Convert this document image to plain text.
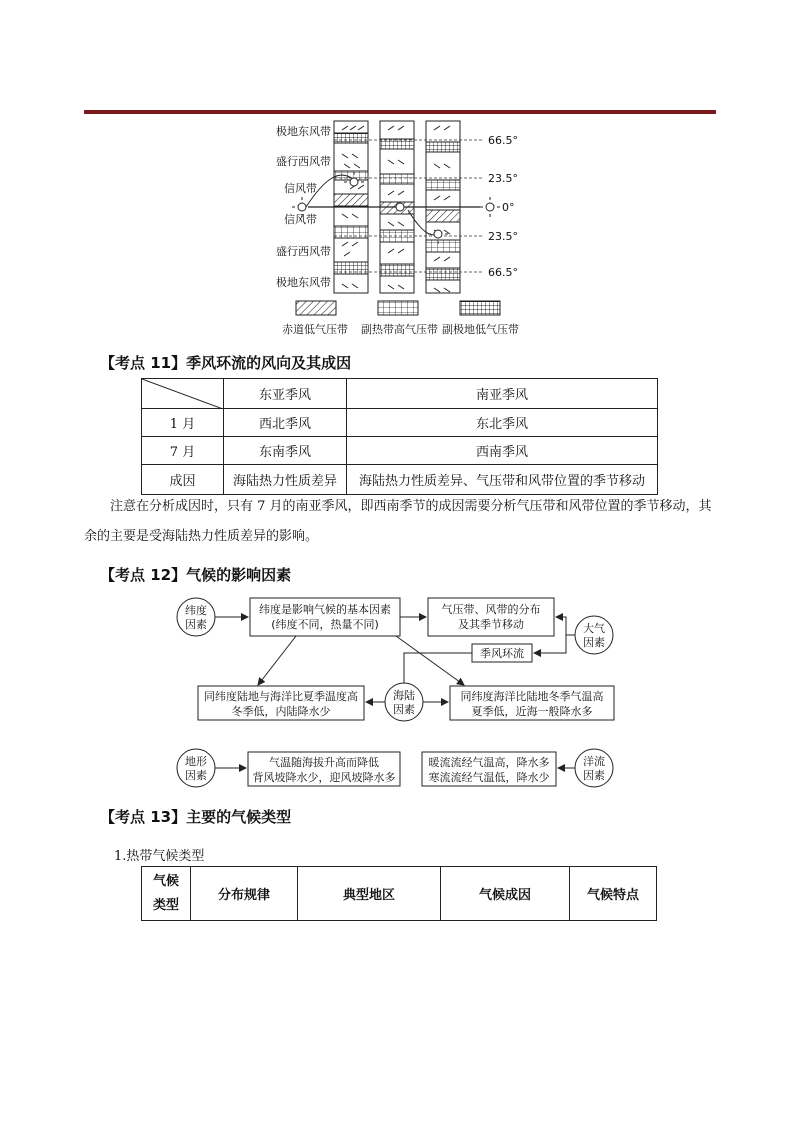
极地东风带
盛行西风带
信风带
信风带
盛行西风带
极地东风带
66.5°
23.5°
0°
23.5°
66.5°
赤道低气压带 副热带高气压带 副极地低气压带
【考点 11】季风环流的风向及其成因
	东亚季风	南亚季风
1 月	西北季风	东北季风
7 月	东南季风	西南季风
成因	海陆热力性质差异	海陆热力性质差异、气压带和风带位置的季节移动
注意在分析成因时，只有 7 月的南亚季风，即西南季节的成因需要分析气压带和风带位置的季节移动，其余的主要是受海陆热力性质差异的影响。
【考点 12】气候的影响因素
纬度
因素
纬度是影响气候的基本因素
(纬度不同，热量不同)
气压带、风带的分布
及其季节移动	大气
因素
季风环流
海陆
因素
同纬度陆地与海洋比夏季温度高
冬季低，内陆降水少
同纬度海洋比陆地冬季气温高
夏季低，近海一般降水多
地形
因素
气温随海拔升高而降低
背风坡降水少，迎风坡降水多
暖流流经气温高，降水多
寒流流经气温低，降水少
洋流
因素
【考点 13】主要的气候类型
1.热带气候类型
气候类型	分布规律	典型地区	气候成因	气候特点
